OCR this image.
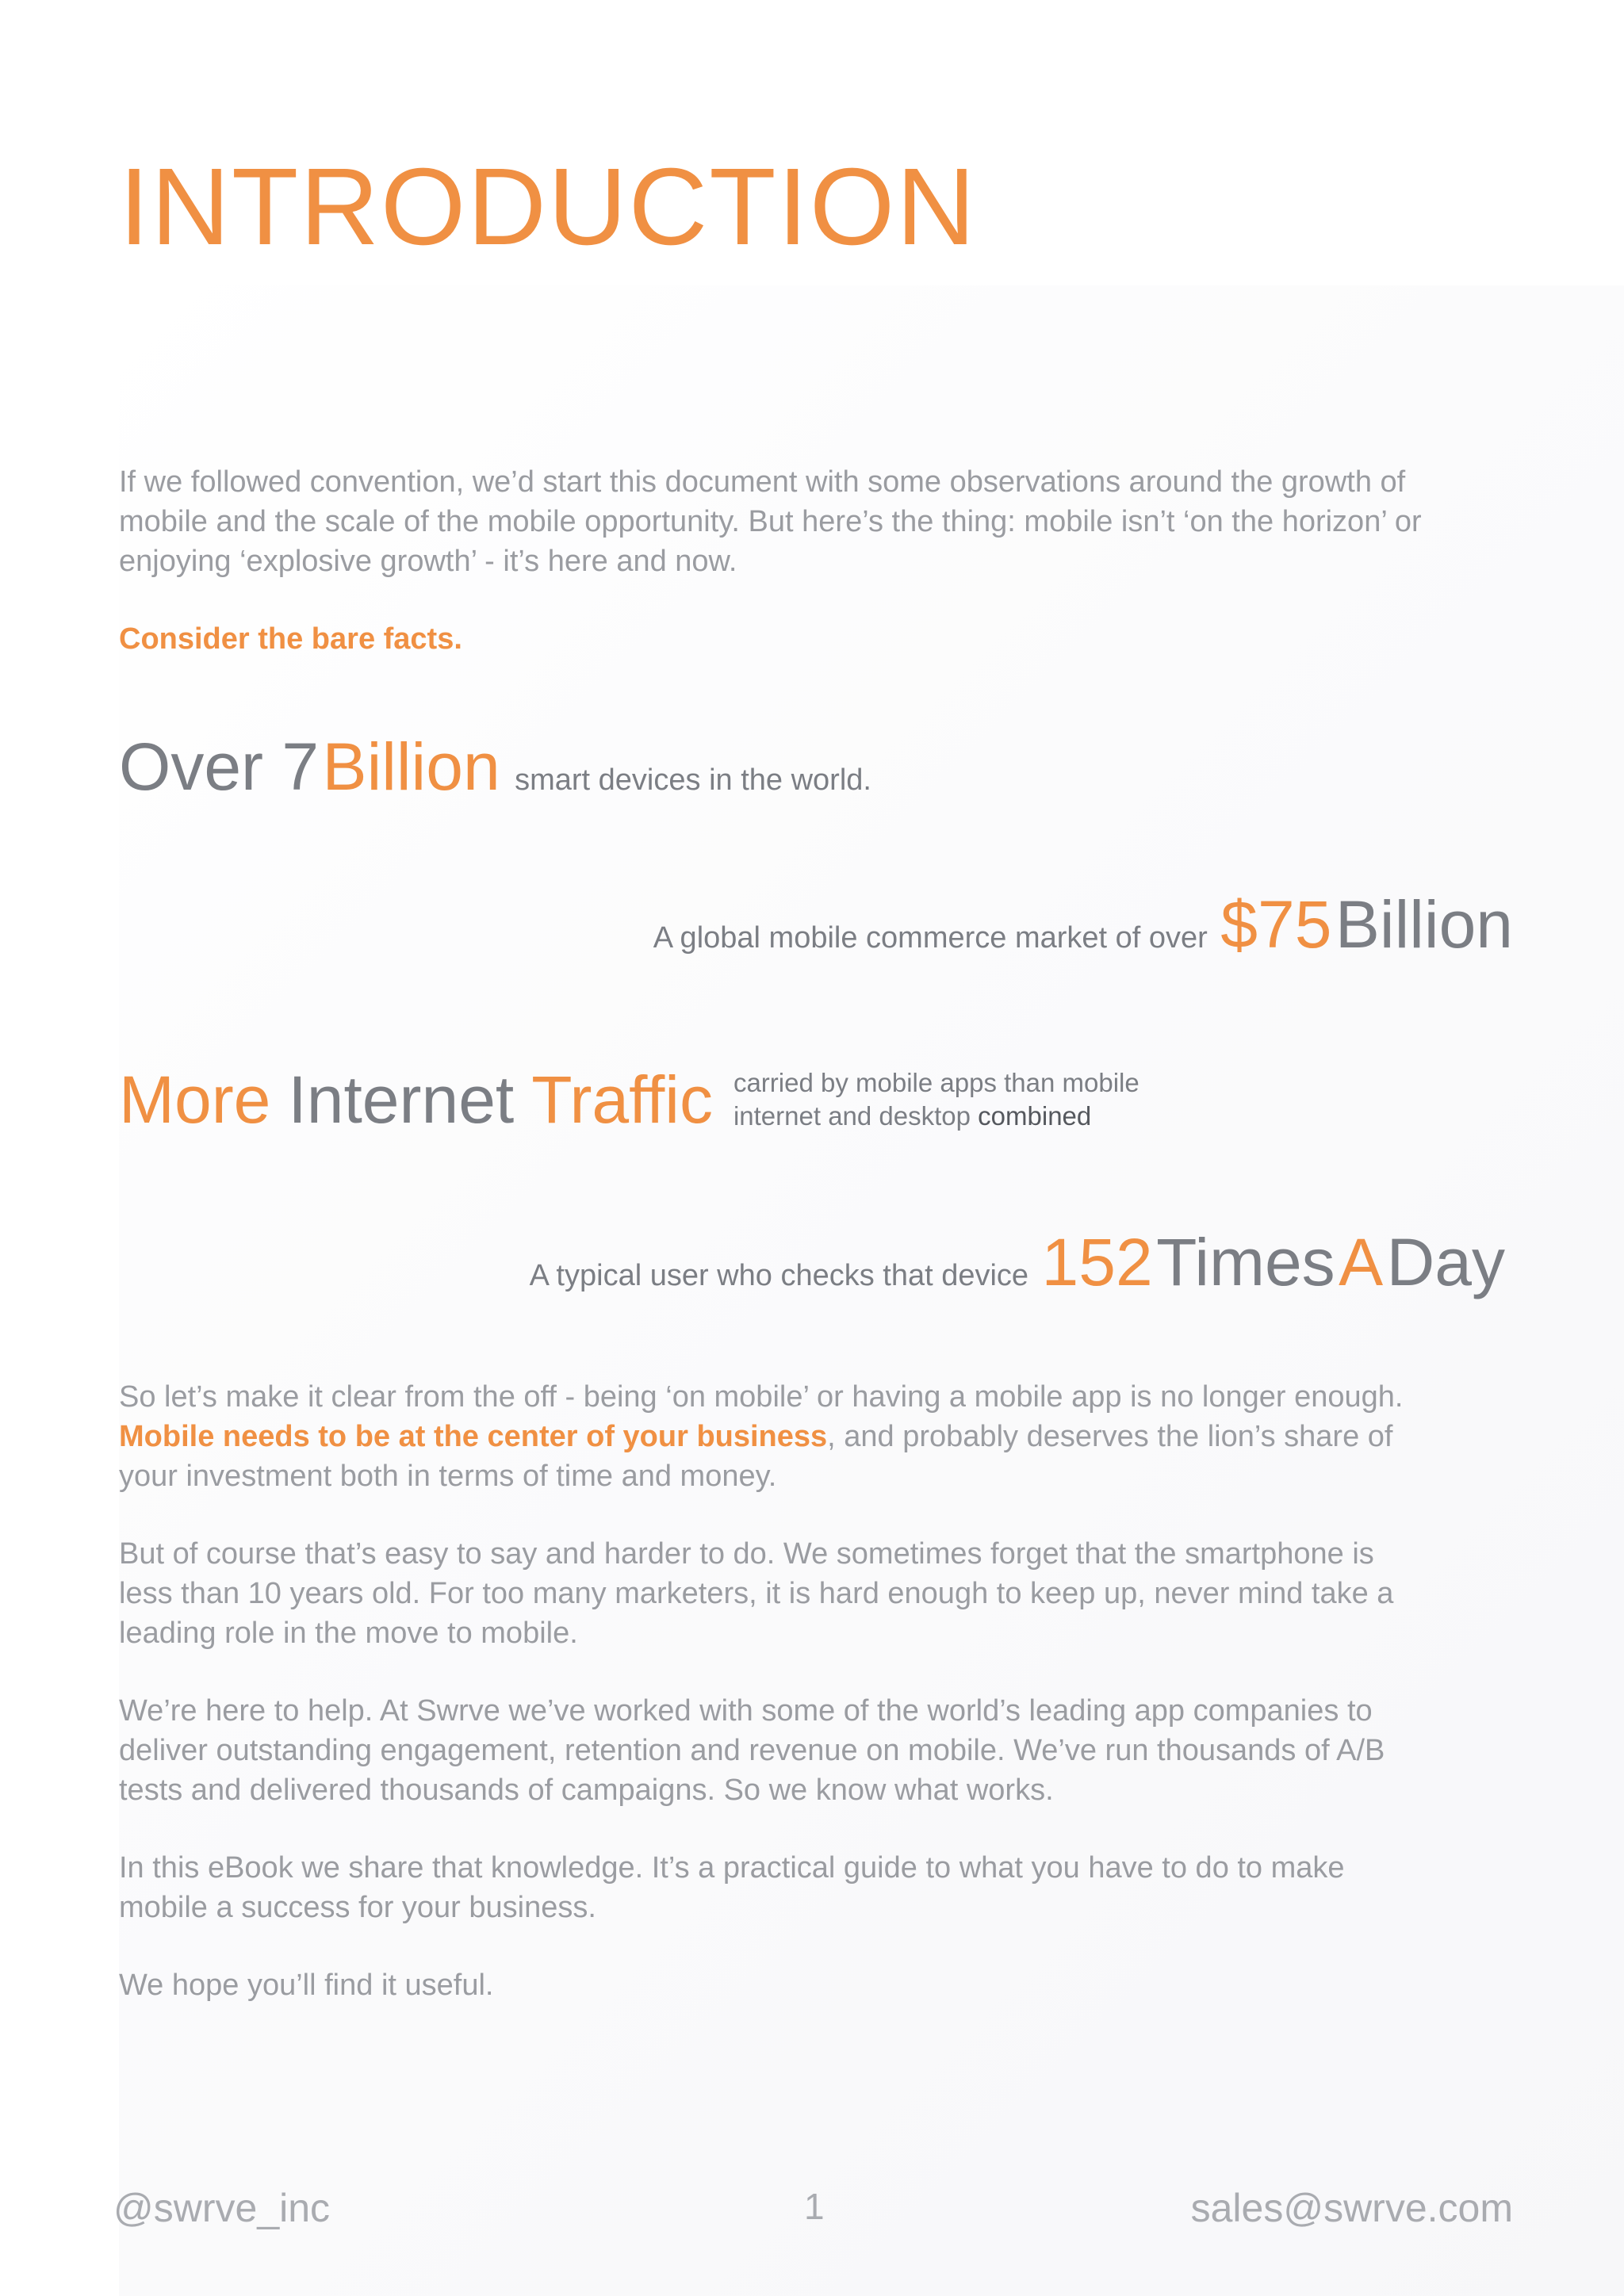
INTRODUCTION

If we followed convention, we’d start this document with some observations around the growth of mobile and the scale of the mobile opportunity. But here’s the thing: mobile isn’t ‘on the horizon’ or enjoying ‘explosive growth’ - it’s here and now.

Consider the bare facts.

Over 7 Billion smart devices in the world.
A global mobile commerce market of over $75 Billion
More Internet Traffic carried by mobile apps than mobile
internet and desktop combined
A typical user who checks that device 152 Times A Day

So let’s make it clear from the off - being ‘on mobile’ or having a mobile app is no longer enough. Mobile needs to be at the center of your business, and probably deserves the lion’s share of your investment both in terms of time and money.

But of course that’s easy to say and harder to do. We sometimes forget that the smartphone is less than 10 years old. For too many marketers, it is hard enough to keep up, never mind take a leading role in the move to mobile.

We’re here to help. At Swrve we’ve worked with some of the world’s leading app companies to deliver outstanding engagement, retention and revenue on mobile. We’ve run thousands of A/B tests and delivered thousands of campaigns. So we know what works.

In this eBook we share that knowledge. It’s a practical guide to what you have to do to make mobile a success for your business.

We hope you’ll find it useful.

@swrve_inc	1	sales@swrve.com
